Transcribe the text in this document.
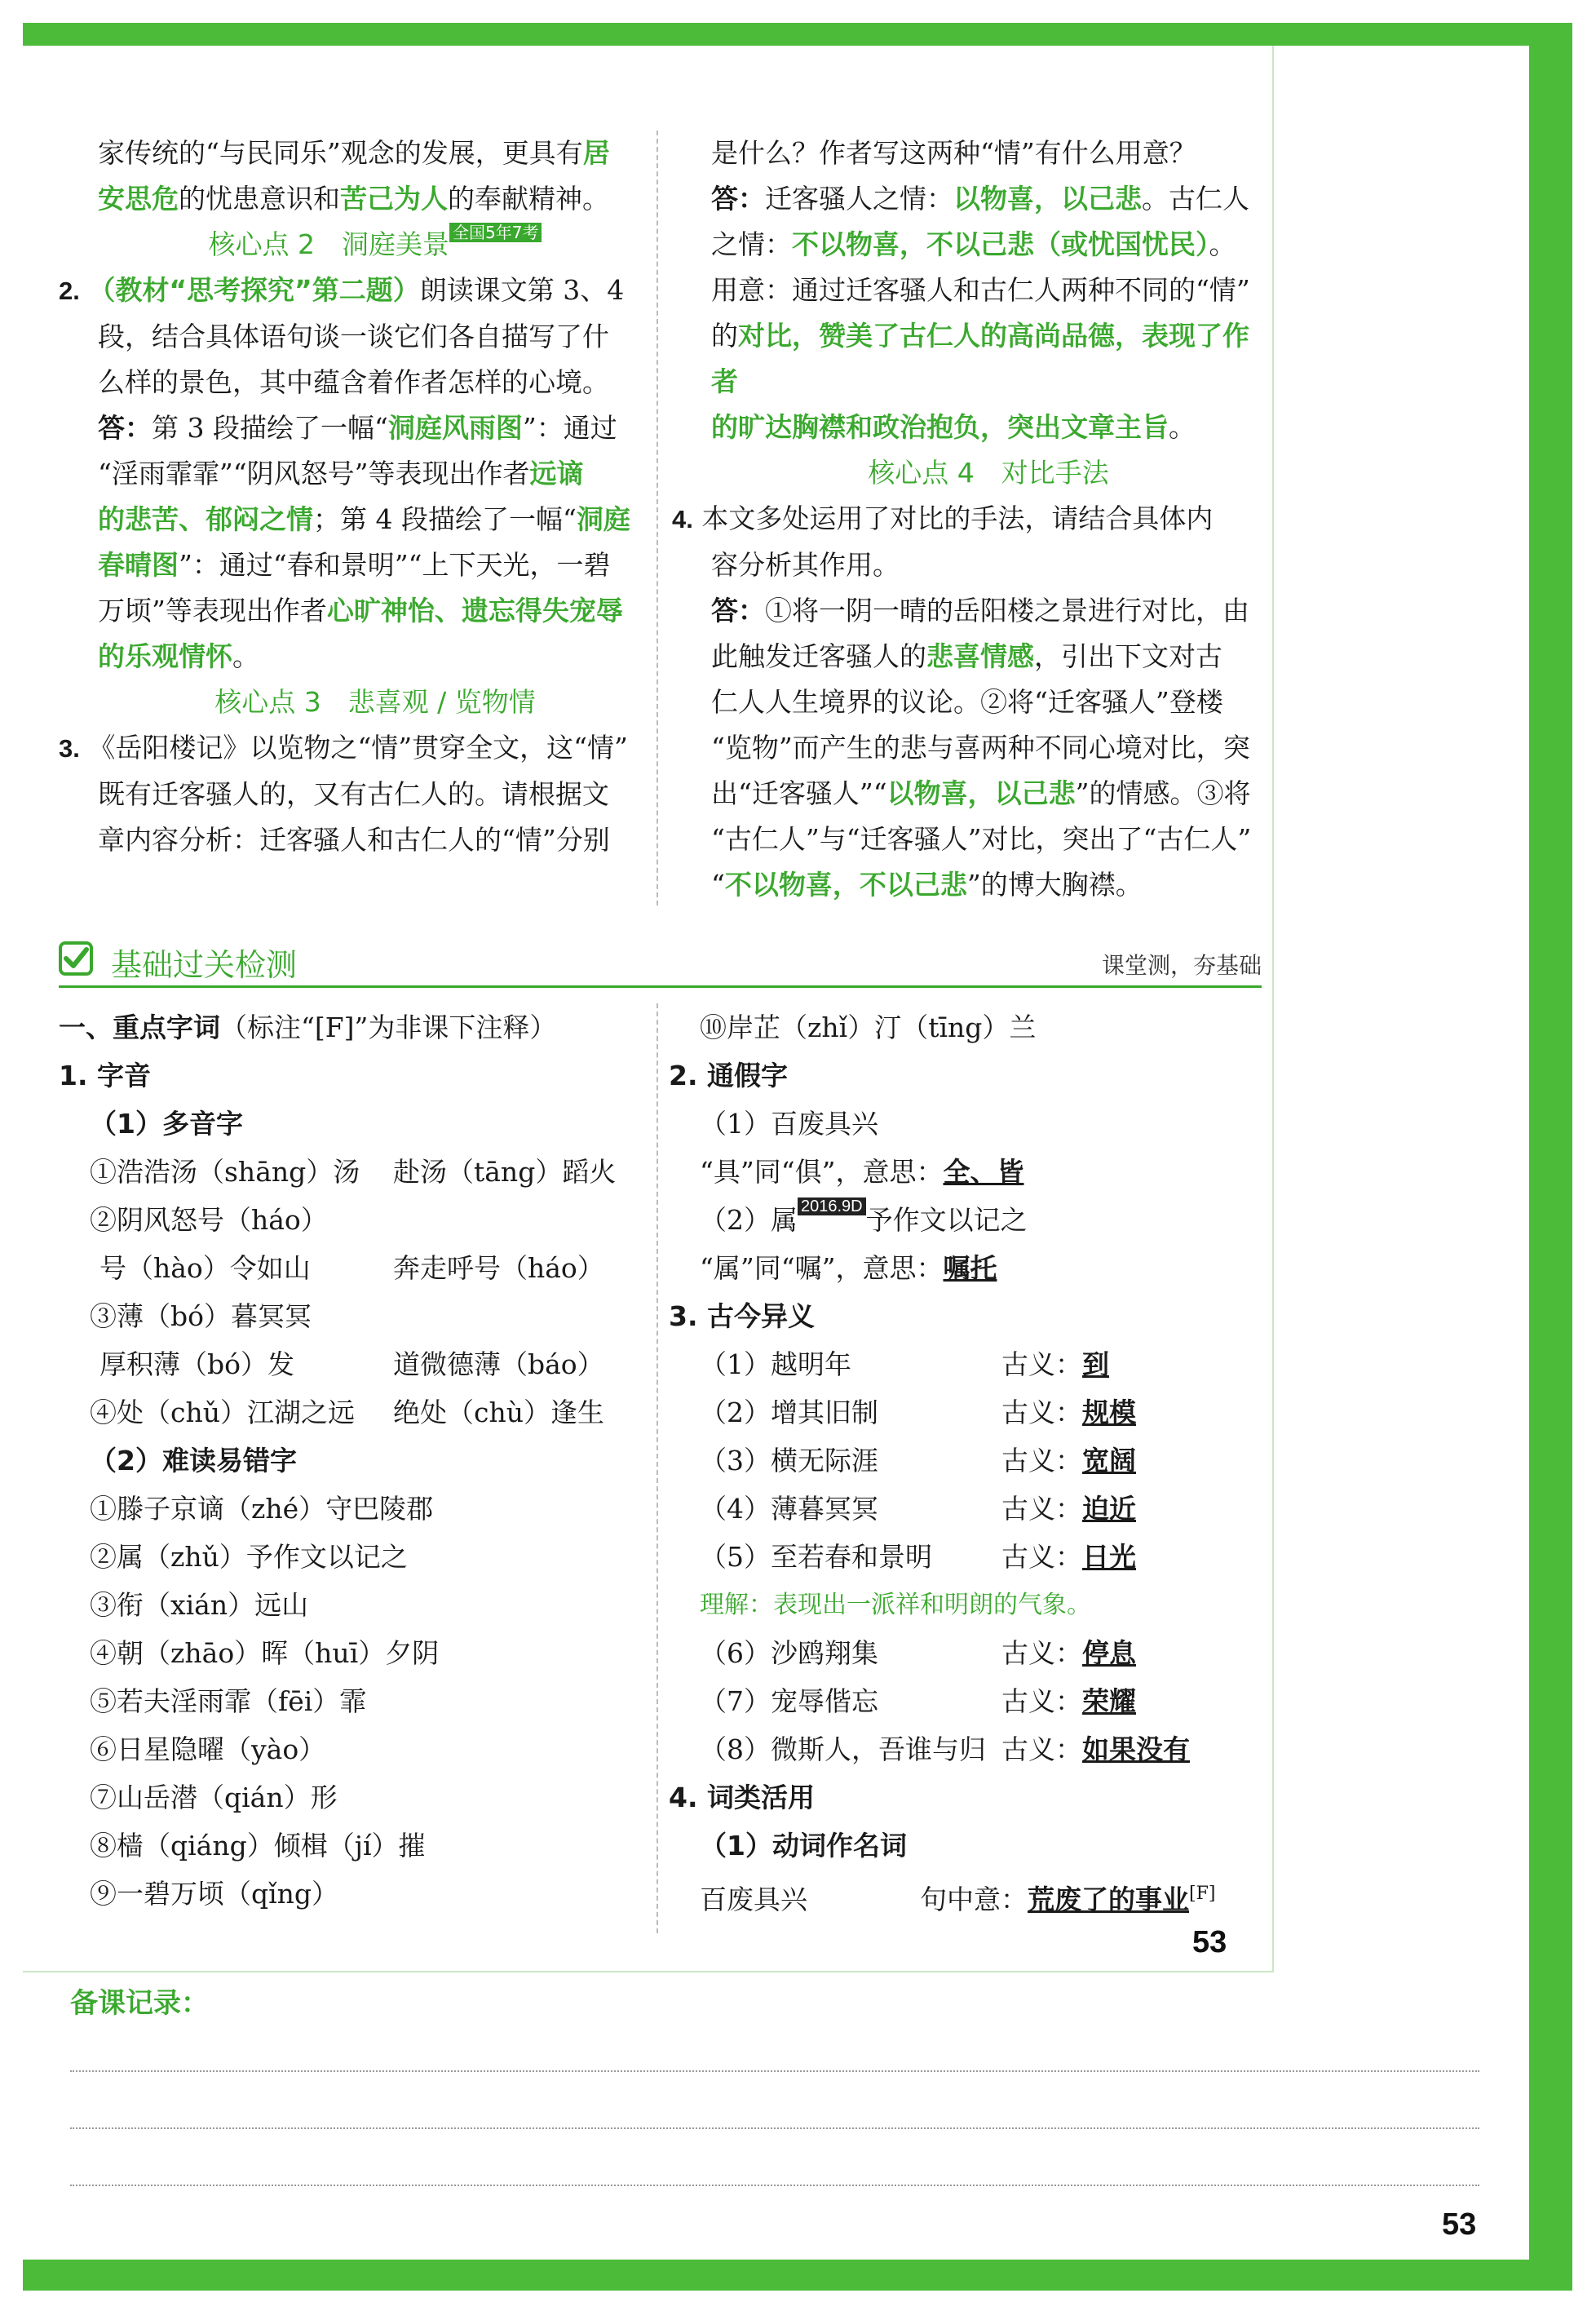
家传统的“与民同乐”观念的发展，更具有居

安思危的忧患意识和苦己为人的奉献精神。

核心点 2　洞庭美景 $^{全国5年7考}$

2. （教材“思考探究”第二题）朗读课文第 3、4

段，结合具体语句谈一谈它们各自描写了什

么样的景色，其中蕴含着作者怎样的心境。

答：第 3 段描绘了一幅“洞庭风雨图”：通过

“淫雨霏霏”“阴风怒号”等表现出作者远谪

的悲苦、郁闷之情；第 4 段描绘了一幅“洞庭

春晴图”：通过“春和景明”“上下天光，一碧

万顷”等表现出作者心旷神怡、遗忘得失宠辱

的乐观情怀。

核心点 3　悲喜观 / 览物情

3. 《岳阳楼记》以览物之“情”贯穿全文，这“情”

既有迁客骚人的，又有古仁人的。请根据文

章内容分析：迁客骚人和古仁人的“情”分别

是什么？作者写这两种“情”有什么用意？

答：迁客骚人之情：以物喜，以己悲。古仁人

之情：不以物喜，不以己悲（或忧国忧民）。

用意：通过迁客骚人和古仁人两种不同的“情”

的对比，赞美了古仁人的高尚品德，表现了作者

的旷达胸襟和政治抱负，突出文章主旨。

核心点 4　对比手法

4. 本文多处运用了对比的手法，请结合具体内

容分析其作用。

答：①将一阴一晴的岳阳楼之景进行对比，由

此触发迁客骚人的悲喜情感，引出下文对古

仁人人生境界的议论。②将“迁客骚人”登楼

“览物”而产生的悲与喜两种不同心境对比，突

出“迁客骚人”“以物喜，以己悲”的情感。③将

“古仁人”与“迁客骚人”对比，突出了“古仁人”

“不以物喜，不以己悲”的博大胸襟。

基础过关检测	课堂测，夯基础

一、重点字词（标注“[F]”为非课下注释）

1. 字音

（1）多音字

①浩浩汤（shāng）汤 赴汤（tāng）蹈火

②阴风怒号（háo）

号（hào）令如山	奔走呼号（háo）

③薄（bó）暮冥冥

厚积薄（bó）发	道微德薄（báo）

④处（chǔ）江湖之远 绝处（chù）逢生

（2）难读易错字

①滕子京谪（zhé）守巴陵郡

②属（zhǔ）予作文以记之

③衔（xián）远山

④朝（zhāo）晖（huī）夕阴

⑤若夫淫雨霏（fēi）霏

⑥日星隐曜（yào）

⑦山岳潜（qián）形

⑧樯（qiáng）倾楫（jí）摧

⑨一碧万顷（qǐng）

⑩岸芷（zhǐ）汀（tīng）兰

2. 通假字

（1）百废具兴

“具”同“俱”，意思：全、皆

（2）属 $^{2016.9D}$ 予作文以记之

“属”同“嘱”，意思：嘱托

3. 古今异义

（1）越明年	古义：到

（2）增其旧制	古义：规模

（3）横无际涯	古义：宽阔

（4）薄暮冥冥	古义：迫近

（5）至若春和景明	古义：日光

理解：表现出一派祥和明朗的气象。

（6）沙鸥翔集	古义：停息

（7）宠辱偕忘	古义：荣耀

（8）微斯人，吾谁与归 古义：如果没有

4. 词类活用

（1）动词作名词

百废具兴	句中意：荒废了的事业[F]

53
备课记录：
53
